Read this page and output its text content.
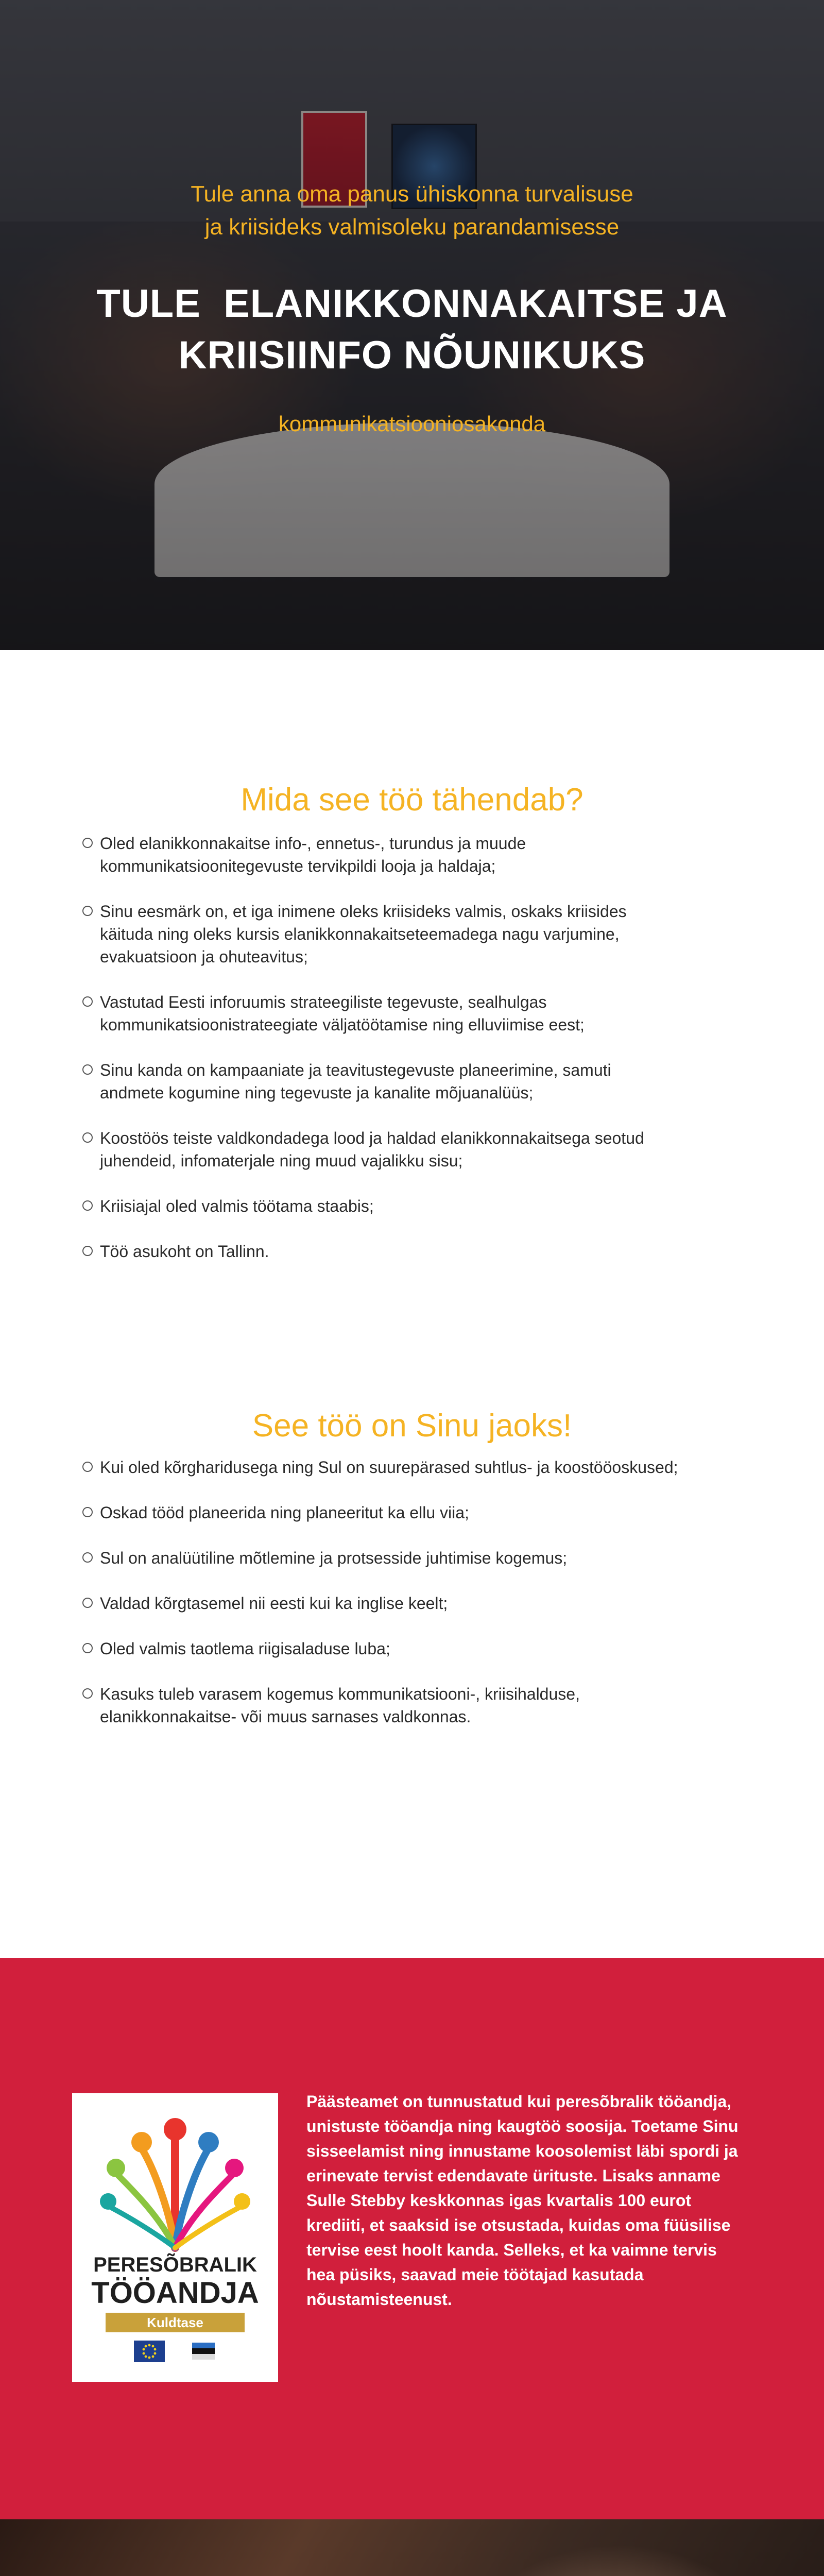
Tule anna oma panus ühiskonna turvalisuse
ja kriisideks valmisoleku parandamisesse
TULE  ELANIKKONNAKAITSE JA
KRIISIINFO NÕUNIKUKS
kommunikatsiooniosakonda
Mida see töö tähendab?
Oled elanikkonnakaitse info-, ennetus-, turundus ja muude
kommunikatsioonitegevuste tervikpildi looja ja haldaja;
Sinu eesmärk on, et iga inimene oleks kriisideks valmis, oskaks kriisides
käituda ning oleks kursis elanikkonnakaitseteemadega nagu varjumine,
evakuatsioon ja ohuteavitus;
Vastutad Eesti inforuumis strateegiliste tegevuste, sealhulgas
kommunikatsioonistrateegiate väljatöötamise ning elluviimise eest;
Sinu kanda on kampaaniate ja teavitustegevuste planeerimine, samuti
andmete kogumine ning tegevuste ja kanalite mõjuanalüüs;
Koostöös teiste valdkondadega lood ja haldad elanikkonnakaitsega seotud
juhendeid, infomaterjale ning muud vajalikku sisu;
Kriisiajal oled valmis töötama staabis;
Töö asukoht on Tallinn.
See töö on Sinu jaoks!
Kui oled kõrgharidusega ning Sul on suurepärased suhtlus- ja koostööoskused;
Oskad tööd planeerida ning planeeritut ka ellu viia;
Sul on analüütiline mõtlemine ja protsesside juhtimise kogemus;
Valdad kõrgtasemel nii eesti kui ka inglise keelt;
Oled valmis taotlema riigisaladuse luba;
Kasuks tuleb varasem kogemus kommunikatsiooni-, kriisihalduse,
elanikkonnakaitse- või muus sarnases valdkonnas.
PERESÕBRALIK
TÖÖANDJA
Kuldtase
Päästeamet on tunnustatud kui peresõbralik tööandja, unistuste tööandja ning kaugtöö soosija. Toetame Sinu sisseelamist ning innustame koosolemist läbi spordi ja erinevate tervist edendavate ürituste. Lisaks anname Sulle Stebby keskkonnas igas kvartalis 100 eurot krediiti, et saaksid ise otsustada, kuidas oma füüsilise tervise eest hoolt kanda. Selleks, et ka vaimne tervis hea püsiks, saavad meie töötajad kasutada nõustamisteenust.
